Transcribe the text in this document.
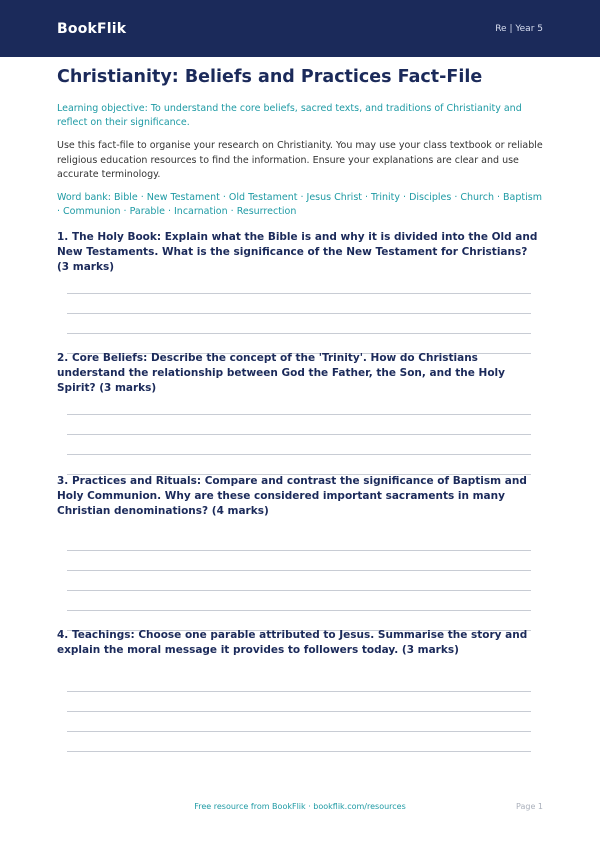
BookFlik	Re | Year 5
Christianity: Beliefs and Practices Fact-File

Learning objective: To understand the core beliefs, sacred texts, and traditions of Christianity and reflect on their significance.

Use this fact-file to organise your research on Christianity. You may use your class textbook or reliable religious education resources to find the information. Ensure your explanations are clear and use accurate terminology.

Word bank: Bible · New Testament · Old Testament · Jesus Christ · Trinity · Disciples · Church · Baptism · Communion · Parable · Incarnation · Resurrection

1. The Holy Book: Explain what the Bible is and why it is divided into the Old and New Testaments. What is the significance of the New Testament for Christians? (3 marks)
2. Core Beliefs: Describe the concept of the 'Trinity'. How do Christians understand the relationship between God the Father, the Son, and the Holy Spirit? (3 marks)
3. Practices and Rituals: Compare and contrast the significance of Baptism and Holy Communion. Why are these considered important sacraments in many Christian denominations? (4 marks)
4. Teachings: Choose one parable attributed to Jesus. Summarise the story and explain the moral message it provides to followers today. (3 marks)
Free resource from BookFlik · bookflik.com/resources	Page 1
